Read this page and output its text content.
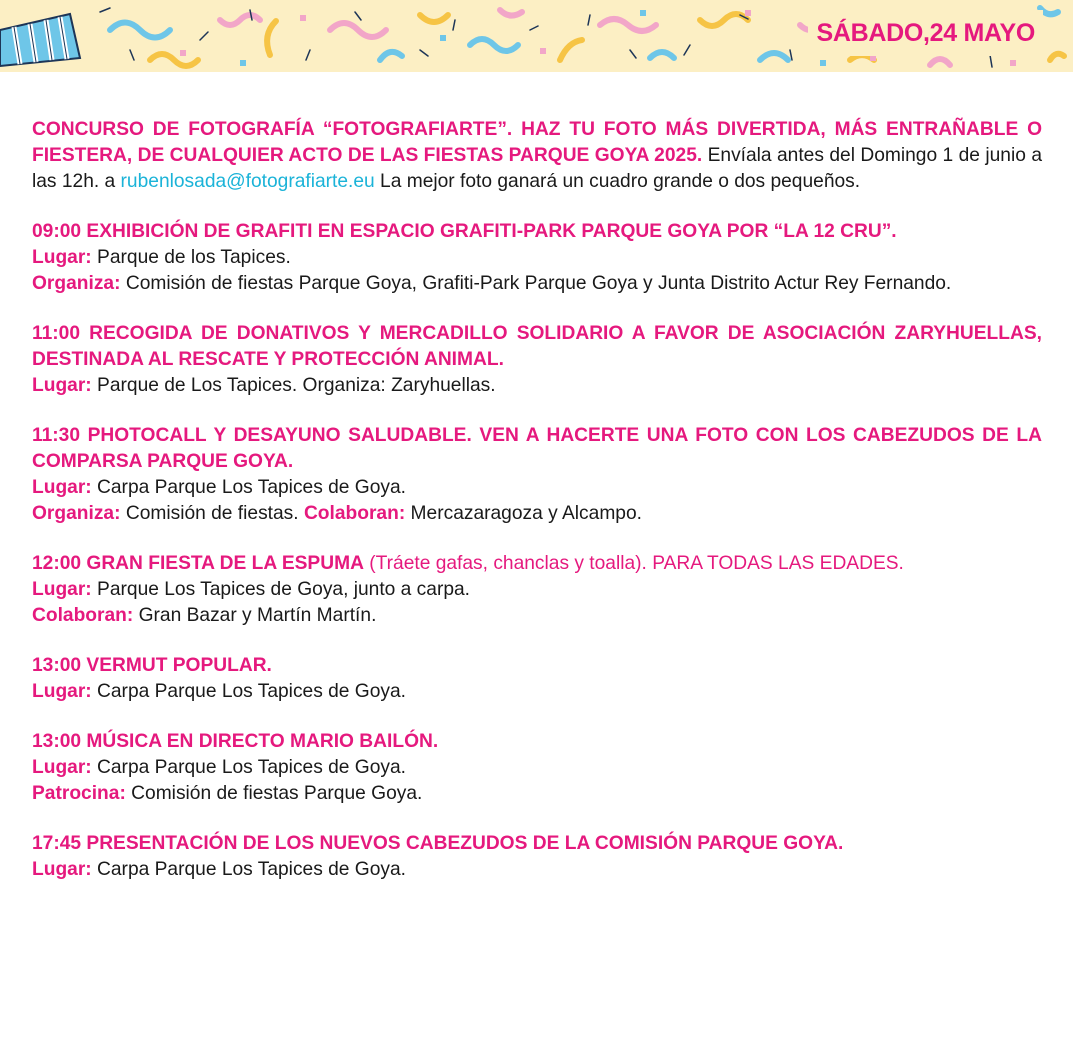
SÁBADO,24 MAYO

CONCURSO DE FOTOGRAFÍA “FOTOGRAFIARTE”. HAZ TU FOTO MÁS DIVERTIDA, MÁS ENTRAÑABLE O FIESTERA, DE CUALQUIER ACTO DE LAS FIESTAS PARQUE GOYA 2025. Envíala antes del Domingo 1 de junio a las 12h. a rubenlosada@fotografiarte.eu La mejor foto ganará un cuadro grande o dos pequeños.

09:00 EXHIBICIÓN DE GRAFITI EN ESPACIO GRAFITI-PARK PARQUE GOYA POR “LA 12 CRU”.

Lugar: Parque de los Tapices.

Organiza: Comisión de fiestas Parque Goya, Grafiti-Park Parque Goya y Junta Distrito Actur Rey Fernando.

11:00 RECOGIDA DE DONATIVOS Y MERCADILLO SOLIDARIO A FAVOR DE ASOCIACIÓN ZARYHUELLAS, DESTINADA AL RESCATE Y PROTECCIÓN ANIMAL.

Lugar: Parque de Los Tapices. Organiza: Zaryhuellas.

11:30 PHOTOCALL Y DESAYUNO SALUDABLE. VEN A HACERTE UNA FOTO CON LOS CABEZUDOS DE LA COMPARSA PARQUE GOYA.

Lugar: Carpa Parque Los Tapices de Goya.

Organiza: Comisión de fiestas. Colaboran: Mercazaragoza y Alcampo.

12:00 GRAN FIESTA DE LA ESPUMA (Tráete gafas, chanclas y toalla). PARA TODAS LAS EDADES.

Lugar: Parque Los Tapices de Goya, junto a carpa.

Colaboran: Gran Bazar y Martín Martín.

13:00 VERMUT POPULAR.

Lugar: Carpa Parque Los Tapices de Goya.

13:00 MÚSICA EN DIRECTO MARIO BAILÓN.

Lugar: Carpa Parque Los Tapices de Goya.

Patrocina: Comisión de fiestas Parque Goya.

17:45 PRESENTACIÓN DE LOS NUEVOS CABEZUDOS DE LA COMISIÓN PARQUE GOYA.

Lugar: Carpa Parque Los Tapices de Goya.
